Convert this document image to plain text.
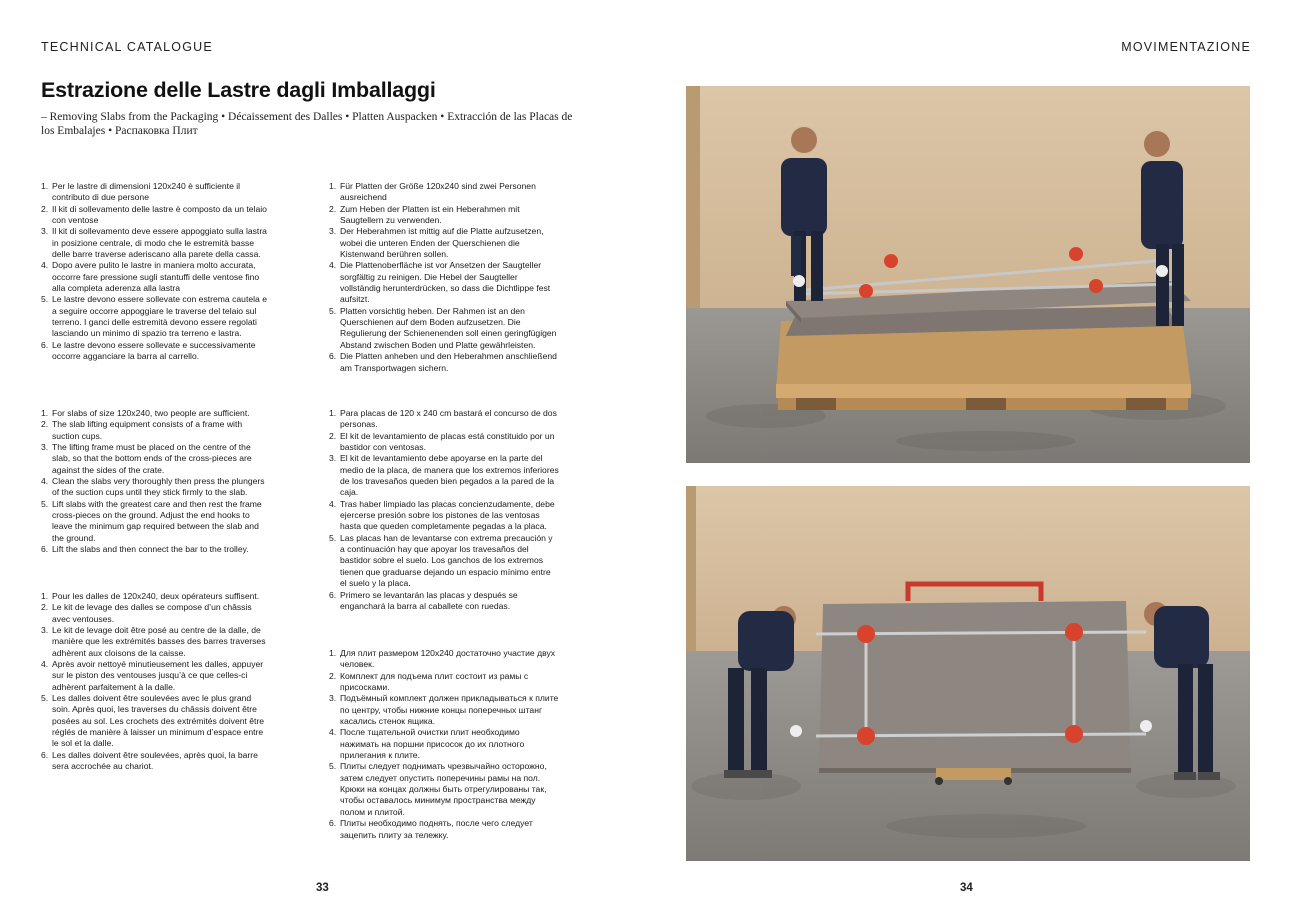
TECHNICAL CATALOGUE	MOVIMENTAZIONE
Estrazione delle Lastre dagli Imballaggi
– Removing Slabs from the Packaging • Décaissement des Dalles • Platten Auspacken • Extracción de las Placas de los Embalajes • Распаковка Плит
1. Per le lastre di dimensioni 120x240 è sufficiente il contributo di due persone
2. Il kit di sollevamento delle lastre è composto da un telaio con ventose
3. Il kit di sollevamento deve essere appoggiato sulla lastra in posizione centrale, di modo che le estremità basse delle barre traverse aderiscano alla parete della cassa.
4. Dopo avere pulito le lastre in maniera molto accurata, occorre fare pressione sugli stantuffi delle ventose fino alla completa aderenza alla lastra
5. Le lastre devono essere sollevate con estrema cautela e a seguire occorre appoggiare le traverse del telaio sul terreno. I ganci delle estremità devono essere regolati lasciando un minimo di spazio tra terreno e lastra.
6. Le lastre devono essere sollevate e successivamente occorre agganciare la barra al carrello.
1. For slabs of size 120x240, two people are sufficient.
2. The slab lifting equipment consists of a frame with suction cups.
3. The lifting frame must be placed on the centre of the slab, so that the bottom ends of the cross-pieces are against the sides of the crate.
4. Clean the slabs very thoroughly then press the plungers of the suction cups until they stick firmly to the slab.
5. Lift slabs with the greatest care and then rest the frame cross-pieces on the ground. Adjust the end hooks to leave the minimum gap required between the slab and the ground.
6. Lift the slabs and then connect the bar to the trolley.
1. Pour les dalles de 120x240, deux opérateurs suffisent.
2. Le kit de levage des dalles se compose d’un châssis avec ventouses.
3. Le kit de levage doit être posé au centre de la dalle, de manière que les extrémités basses des barres traverses adhèrent aux cloisons de la caisse.
4. Après avoir nettoyé minutieusement les dalles, appuyer sur le piston des ventouses jusqu’à ce que celles-ci adhèrent parfaitement à la dalle.
5. Les dalles doivent être soulevées avec le plus grand soin. Après quoi, les traverses du châssis doivent être posées au sol. Les crochets des extrémités doivent être réglés de manière à laisser un minimum d’espace entre le sol et la dalle.
6. Les dalles doivent être soulevées, après quoi, la barre sera accrochée au chariot.
1. Für Platten der Größe 120x240 sind zwei Personen ausreichend
2. Zum Heben der Platten ist ein Heberahmen mit Saugtellern zu verwenden.
3. Der Heberahmen ist mittig auf die Platte aufzusetzen, wobei die unteren Enden der Querschienen die Kistenwand berühren sollen.
4. Die Plattenoberfläche ist vor Ansetzen der Saugteller sorgfältig zu reinigen. Die Hebel der Saugteller vollständig herunterdrücken, so dass die Dichtlippe fest aufsitzt.
5. Platten vorsichtig heben. Der Rahmen ist an den Querschienen auf dem Boden aufzusetzen. Die Regulierung der Schienenenden soll einen geringfügigen Abstand zwischen Boden und Platte gewährleisten.
6. Die Platten anheben und den Heberahmen anschließend am Transportwagen sichern.
1. Para placas de 120 x 240 cm bastará el concurso de dos personas.
2. El kit de levantamiento de placas está constituido por un bastidor con ventosas.
3. El kit de levantamiento debe apoyarse en la parte del medio de la placa, de manera que los extremos inferiores de los travesaños queden bien pegados a la pared de la caja.
4. Tras haber limpiado las placas concienzudamente, debe ejercerse presión sobre los pistones de las ventosas hasta que queden completamente pegadas a la placa.
5. Las placas han de levantarse con extrema precaución y a continuación hay que apoyar los travesaños del bastidor sobre el suelo. Los ganchos de los extremos tienen que graduarse dejando un espacio mínimo entre el suelo y la placa.
6. Primero se levantarán las placas y después se enganchará la barra al caballete con ruedas.
1. Для плит размером 120x240 достаточно участие двух человек.
2. Комплект для подъема плит состоит из рамы с присосками.
3. Подъёмный комплект должен прикладываться к плите по центру, чтобы нижние концы поперечных штанг касались стенок ящика.
4. После тщательной очистки плит необходимо нажимать на поршни присосок до их плотного прилегания к плите.
5. Плиты следует поднимать чрезвычайно осторожно, затем следует опустить поперечины рамы на пол. Крюки на концах должны быть отрегулированы так, чтобы оставалось минимум пространства между полом и плитой.
6. Плиты необходимо поднять, после чего следует зацепить плиту за тележку.
33	34
